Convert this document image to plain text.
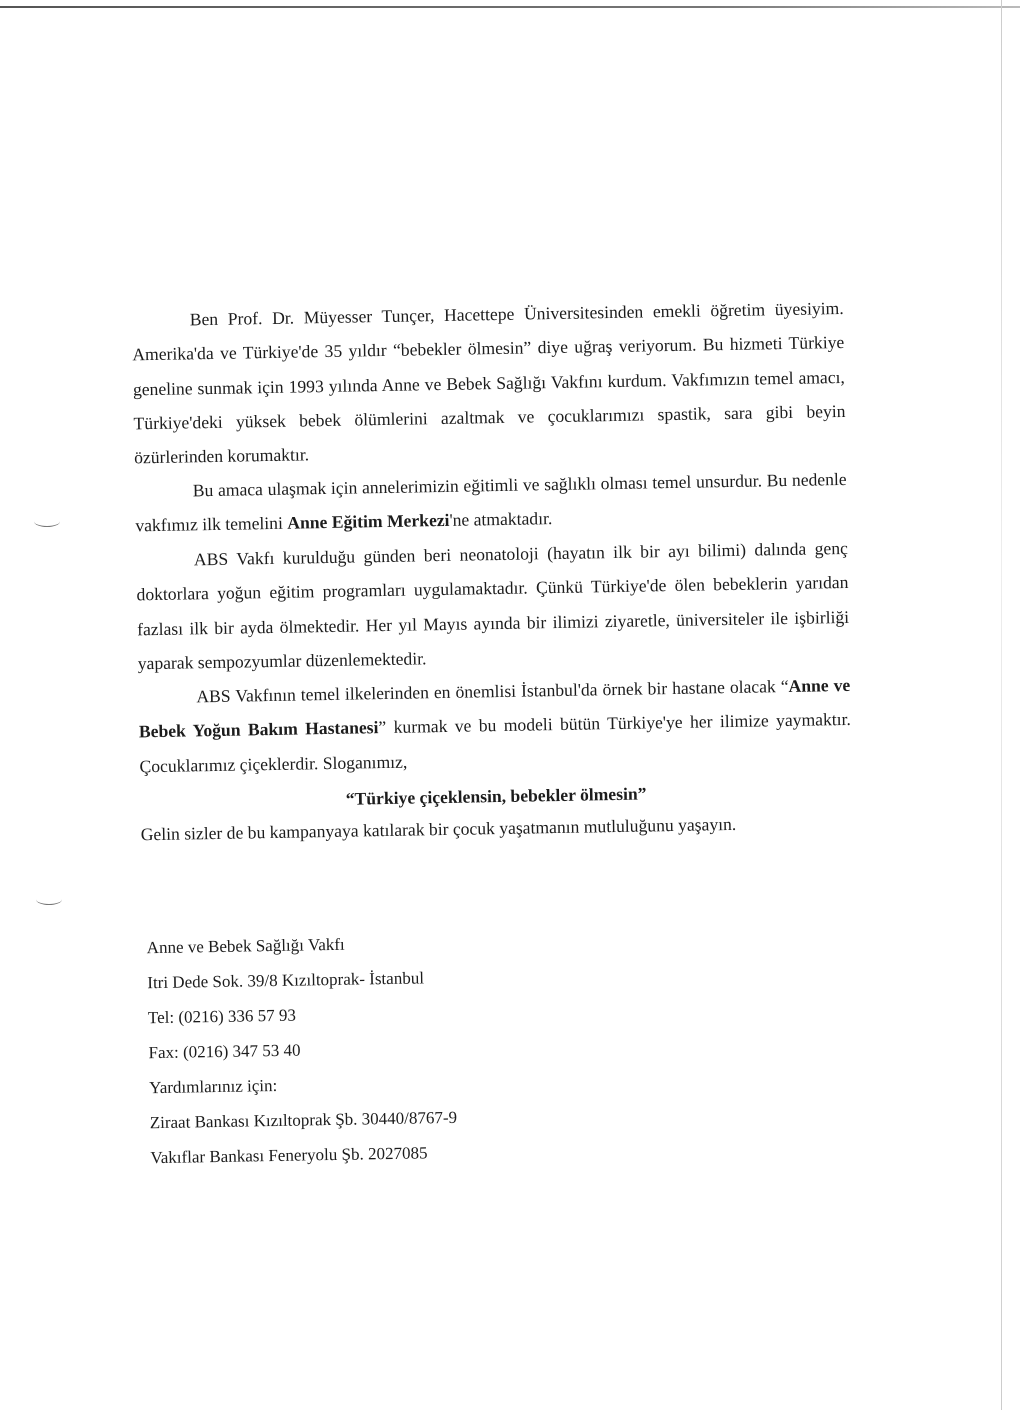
Ben Prof. Dr. Müyesser Tunçer, Hacettepe Üniversitesinden emekli öğretim üyesiyim. Amerika'da ve Türkiye'de 35 yıldır “bebekler ölmesin” diye uğraş veriyorum. Bu hizmeti Türkiye geneline sunmak için 1993 yılında Anne ve Bebek Sağlığı Vakfını kurdum. Vakfımızın temel amacı, Türkiye'deki yüksek bebek ölümlerini azaltmak ve çocuklarımızı spastik, sara gibi beyin özürlerinden korumaktır.

Bu amaca ulaşmak için annelerimizin eğitimli ve sağlıklı olması temel unsurdur. Bu nedenle vakfımız ilk temelini Anne Eğitim Merkezi'ne atmaktadır.

ABS Vakfı kurulduğu günden beri neonatoloji (hayatın ilk bir ayı bilimi) dalında genç doktorlara yoğun eğitim programları uygulamaktadır. Çünkü Türkiye'de ölen bebeklerin yarıdan fazlası ilk bir ayda ölmektedir. Her yıl Mayıs ayında bir ilimizi ziyaretle, üniversiteler ile işbirliği yaparak sempozyumlar düzenlemektedir.

ABS Vakfının temel ilkelerinden en önemlisi İstanbul'da örnek bir hastane olacak “Anne ve Bebek Yoğun Bakım Hastanesi” kurmak ve bu modeli bütün Türkiye'ye her ilimize yaymaktır. Çocuklarımız çiçeklerdir. Sloganımız,

“Türkiye çiçeklensin, bebekler ölmesin”

Gelin sizler de bu kampanyaya katılarak bir çocuk yaşatmanın mutluluğunu yaşayın.

Anne ve Bebek Sağlığı Vakfı
Itri Dede Sok. 39/8 Kızıltoprak- İstanbul
Tel: (0216) 336 57 93
Fax: (0216) 347 53 40
Yardımlarınız için:
Ziraat Bankası Kızıltoprak Şb. 30440/8767-9
Vakıflar Bankası Feneryolu Şb. 2027085
